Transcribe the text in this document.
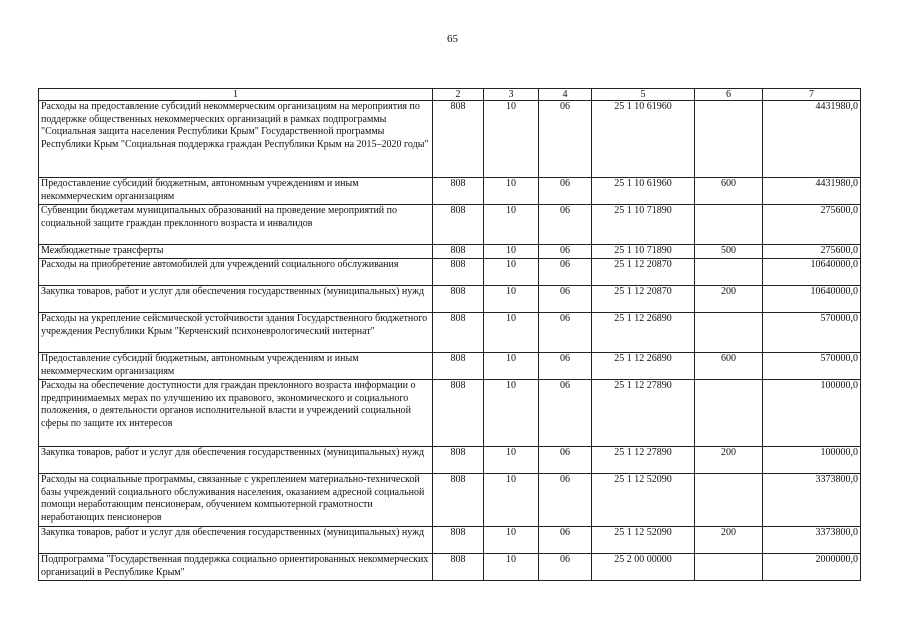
65
1	2	3	4	5	6	7
Расходы на предоставление субсидий некоммерческим организациям на мероприятия по поддержке общественных некоммерческих организаций в рамках подпрограммы "Социальная защита населения Республики Крым" Государственной программы Республики Крым "Социальная поддержка граждан Республики Крым на 2015–2020 годы"	808	10	06	25 1 10 61960		4431980,0
Предоставление субсидий бюджетным, автономным учреждениям и иным некоммерческим организациям	808	10	06	25 1 10 61960	600	4431980,0
Субвенции бюджетам муниципальных образований на проведение мероприятий по социальной защите граждан преклонного возраста и инвалидов	808	10	06	25 1 10 71890		275600,0
Межбюджетные трансферты	808	10	06	25 1 10 71890	500	275600,0
Расходы на приобретение автомобилей для учреждений социального обслуживания	808	10	06	25 1 12 20870		10640000,0
Закупка товаров, работ и услуг для обеспечения государственных (муниципальных) нужд	808	10	06	25 1 12 20870	200	10640000,0
Расходы на укрепление сейсмической устойчивости здания Государственного бюджетного учреждения Республики Крым "Керченский психоневрологический интернат"	808	10	06	25 1 12 26890		570000,0
Предоставление субсидий бюджетным, автономным учреждениям и иным некоммерческим организациям	808	10	06	25 1 12 26890	600	570000,0
Расходы на обеспечение доступности для граждан преклонного возраста информации о предпринимаемых мерах по улучшению их правового, экономического и социального положения, о деятельности органов исполнительной власти и учреждений социальной сферы по защите их интересов	808	10	06	25 1 12 27890		100000,0
Закупка товаров, работ и услуг для обеспечения государственных (муниципальных) нужд	808	10	06	25 1 12 27890	200	100000,0
Расходы на социальные программы, связанные с укреплением материально-технической базы учреждений социального обслуживания населения, оказанием адресной социальной помощи неработающим пенсионерам, обучением компьютерной грамотности неработающих пенсионеров	808	10	06	25 1 12 52090		3373800,0
Закупка товаров, работ и услуг для обеспечения государственных (муниципальных) нужд	808	10	06	25 1 12 52090	200	3373800,0
Подпрограмма "Государственная поддержка социально ориентированных некоммерческих организаций в Республике Крым"	808	10	06	25 2 00 00000		2000000,0
